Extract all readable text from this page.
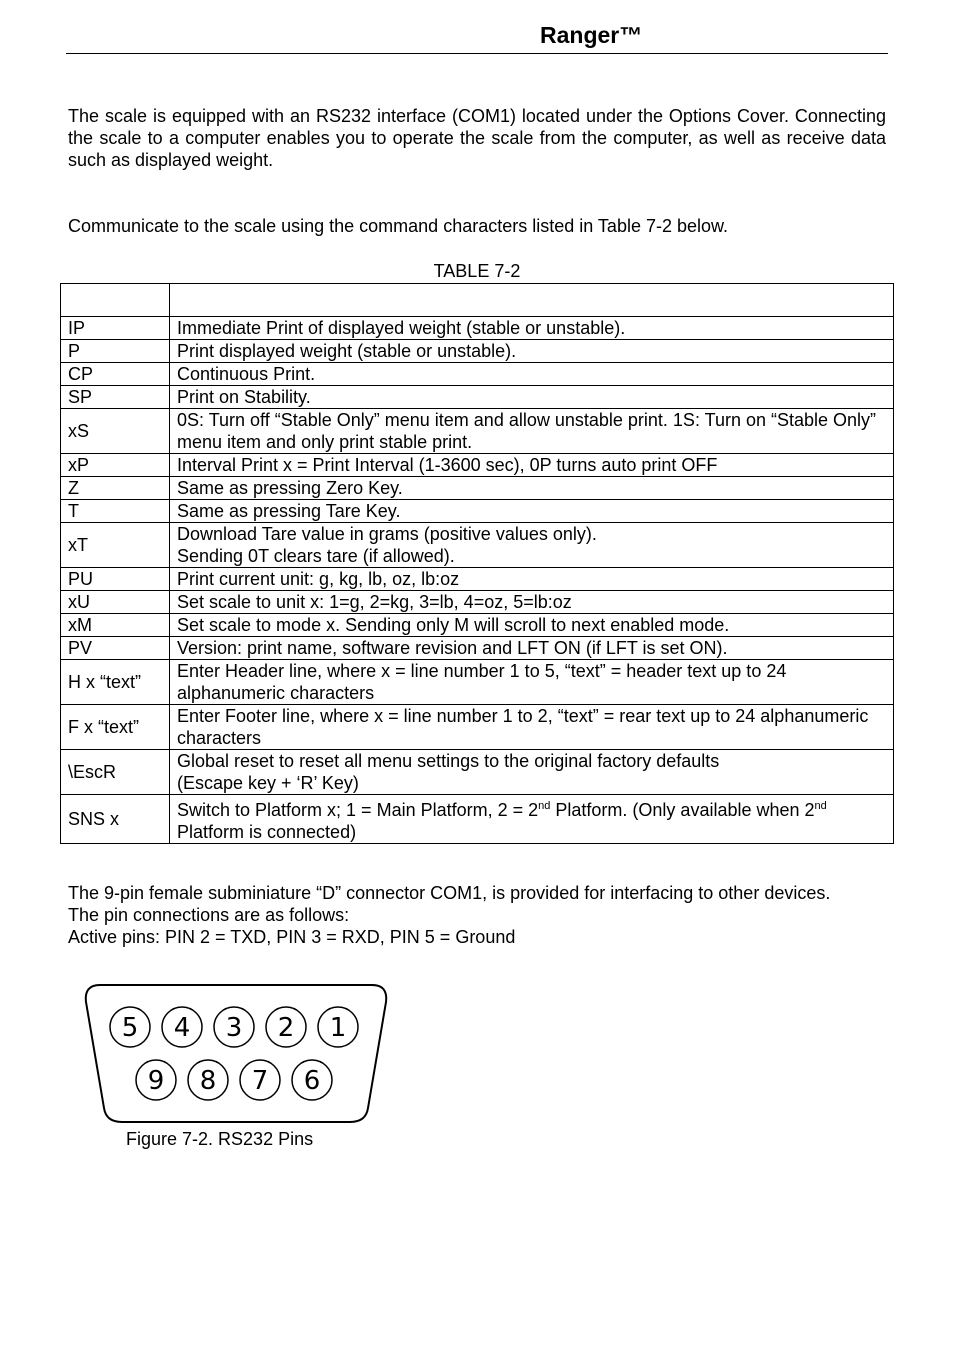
Ranger™
The scale is equipped with an RS232 interface (COM1) located under the Options Cover. Connecting the scale to a computer enables you to operate the scale from the computer, as well as receive data such as displayed weight.
Communicate to the scale using the command characters listed in Table 7-2 below.
TABLE 7-2

IP	Immediate Print of displayed weight (stable or unstable).
P	Print displayed weight (stable or unstable).
CP	Continuous Print.
SP	Print on Stability.
xS	0S: Turn off “Stable Only” menu item and allow unstable print. 1S: Turn on “Stable Only” menu item and only print stable print.
xP	Interval Print x = Print Interval (1-3600 sec), 0P turns auto print OFF
Z	Same as pressing Zero Key.
T	Same as pressing Tare Key.
xT	Download Tare value in grams (positive values only).
Sending 0T clears tare (if allowed).
PU	Print current unit: g, kg, lb, oz, lb:oz
xU	Set scale to unit x: 1=g, 2=kg, 3=lb, 4=oz, 5=lb:oz
xM	Set scale to mode x. Sending only M will scroll to next enabled mode.
PV	Version: print name, software revision and LFT ON (if LFT is set ON).
H x “text”	Enter Header line, where x = line number 1 to 5, “text” = header text up to 24 alphanumeric characters
F x “text”	Enter Footer line, where x = line number 1 to 2, “text” = rear text up to 24 alphanumeric characters
\EscR	Global reset to reset all menu settings to the original factory defaults
(Escape key + ‘R’ Key)
SNS x	Switch to Platform x; 1 = Main Platform, 2 = 2nd Platform. (Only available when 2nd Platform is connected)
The 9-pin female subminiature “D” connector COM1, is provided for interfacing to other devices.
The pin connections are as follows:
Active pins: PIN 2 = TXD, PIN 3 = RXD, PIN 5 = Ground
5 4 3 2 1
9 8 7 6
Figure 7-2. RS232 Pins
